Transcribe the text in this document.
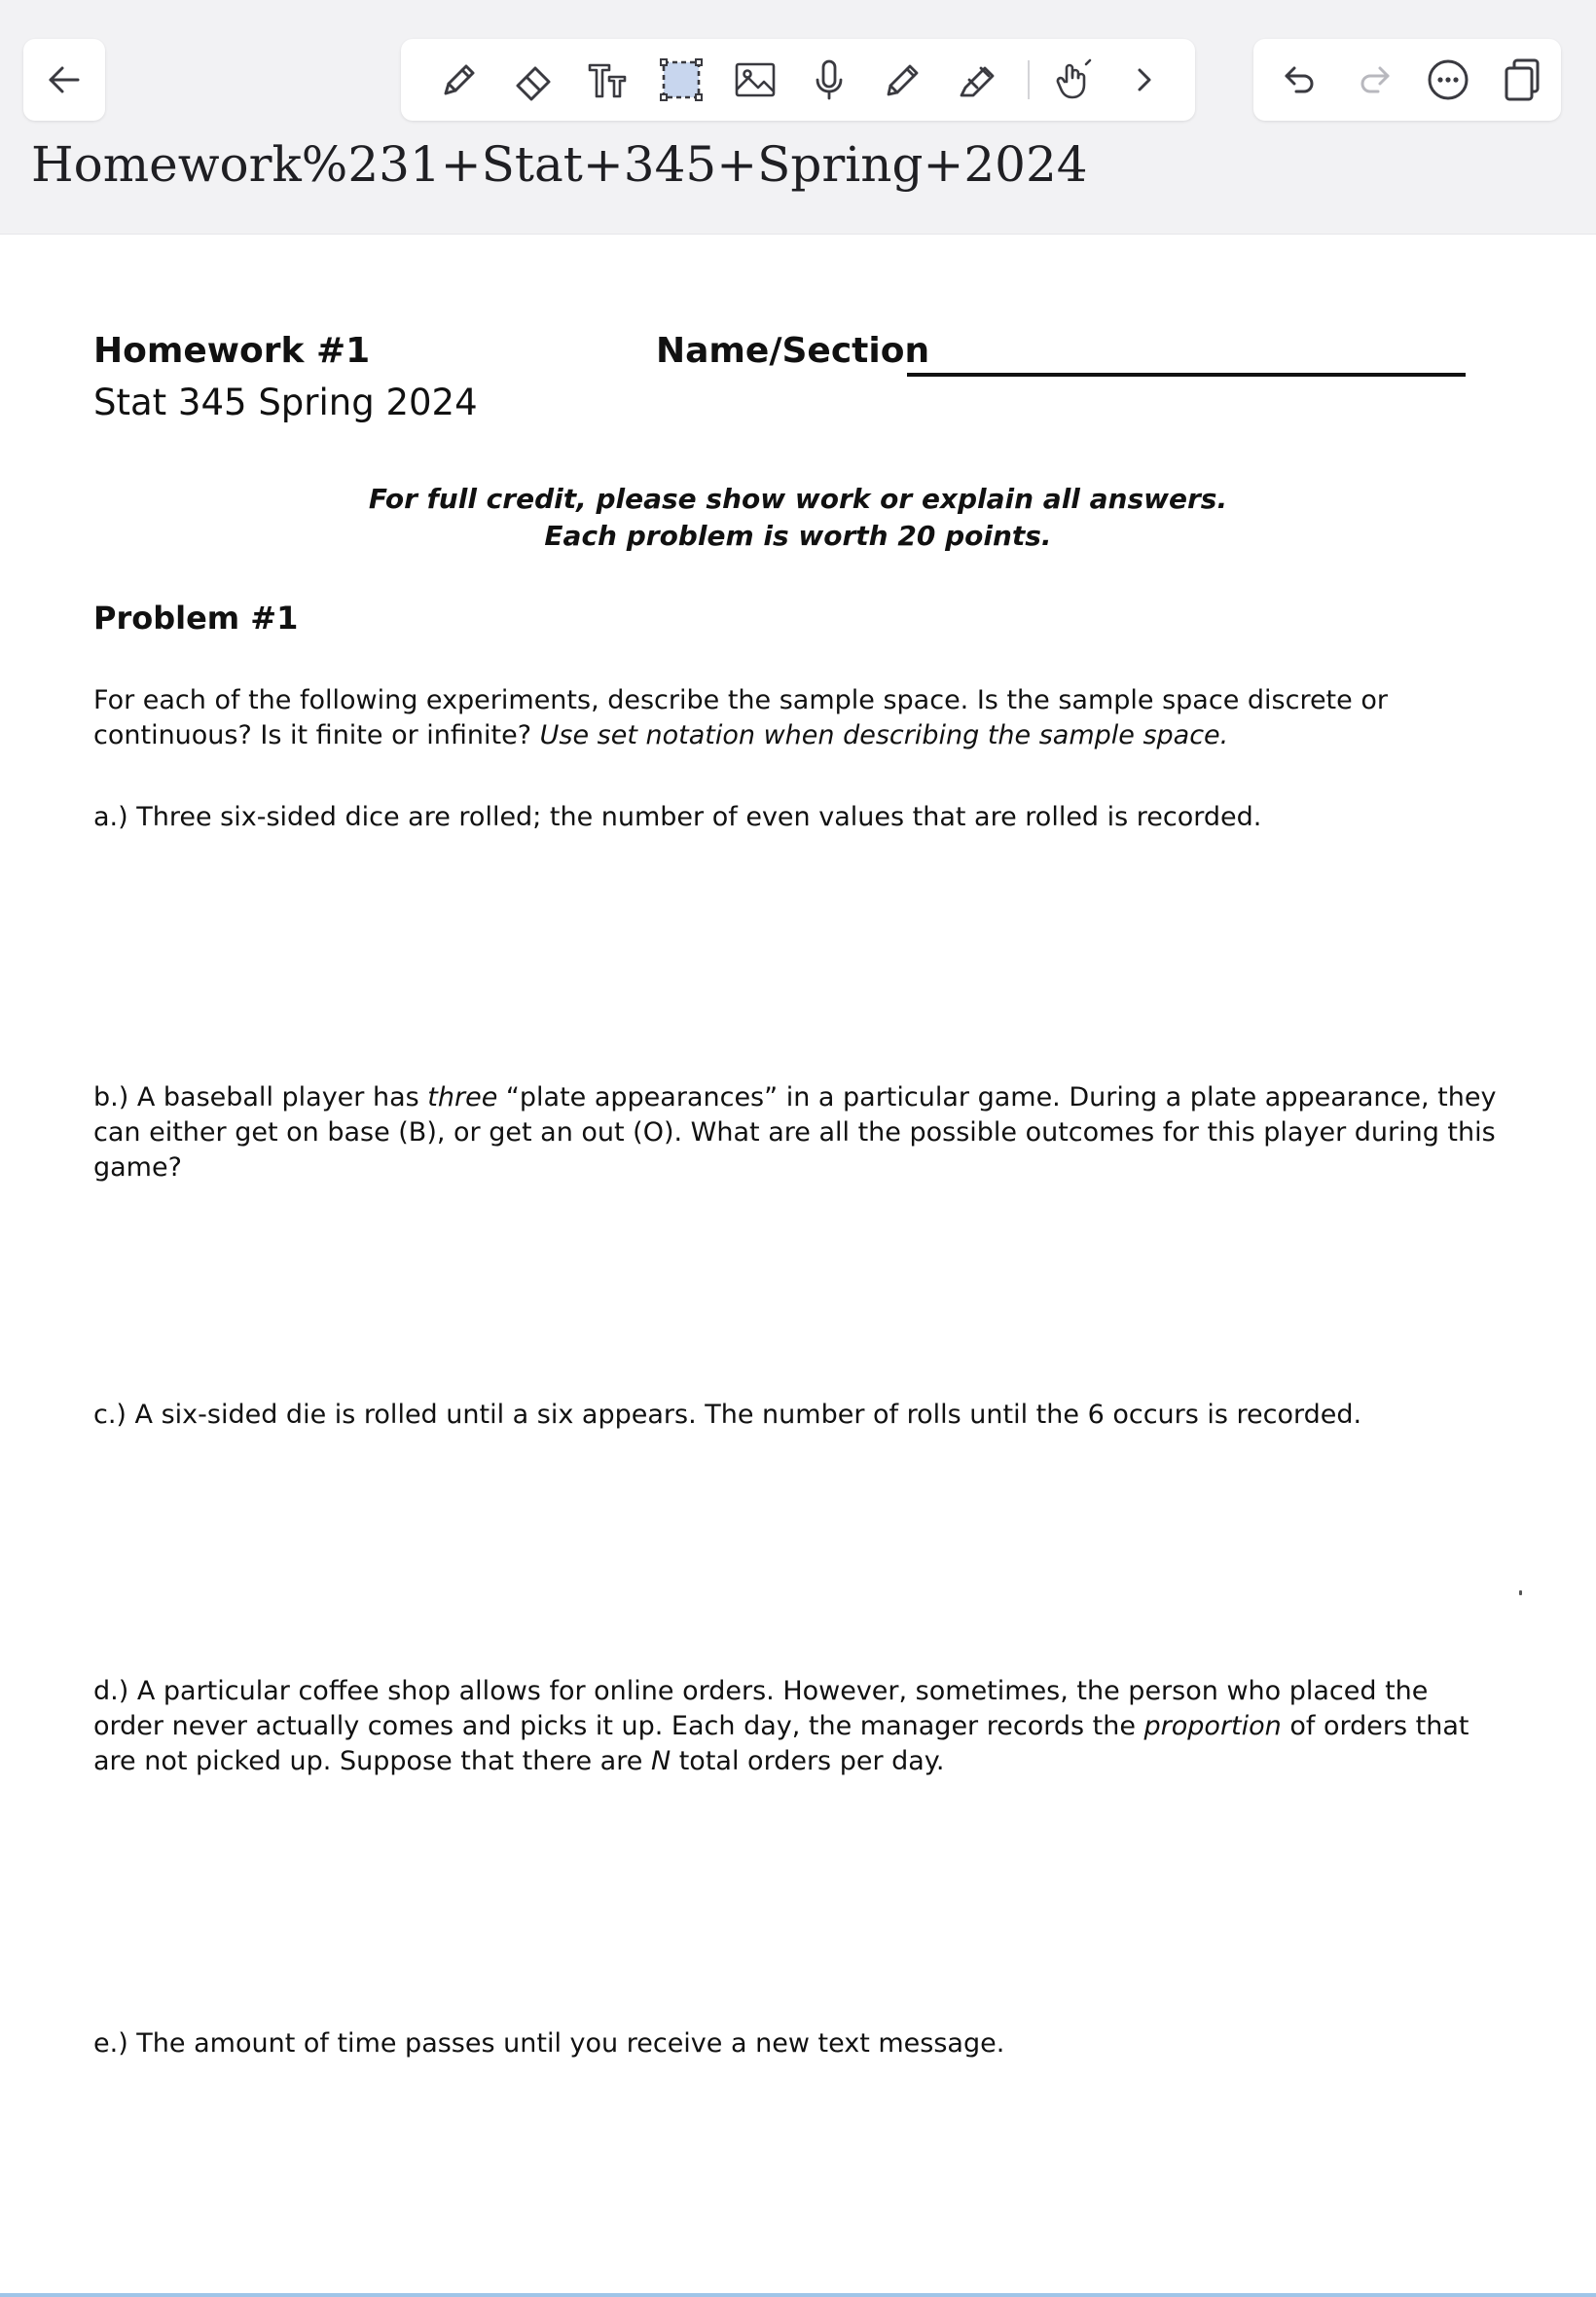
Homework%231+Stat+345+Spring+2024
Homework #1
Stat 345 Spring 2024
Name/Section
For full credit, please show work or explain all answers.
Each problem is worth 20 points.
Problem #1

For each of the following experiments, describe the sample space. Is the sample space discrete or continuous? Is it finite or infinite? Use set notation when describing the sample space.

a.) Three six-sided dice are rolled; the number of even values that are rolled is recorded.

b.) A baseball player has three “plate appearances” in a particular game. During a plate appearance, they can either get on base (B), or get an out (O). What are all the possible outcomes for this player during this game?

c.) A six-sided die is rolled until a six appears. The number of rolls until the 6 occurs is recorded.

d.) A particular coffee shop allows for online orders. However, sometimes, the person who placed the order never actually comes and picks it up. Each day, the manager records the proportion of orders that are not picked up. Suppose that there are N total orders per day.

e.) The amount of time passes until you receive a new text message.
